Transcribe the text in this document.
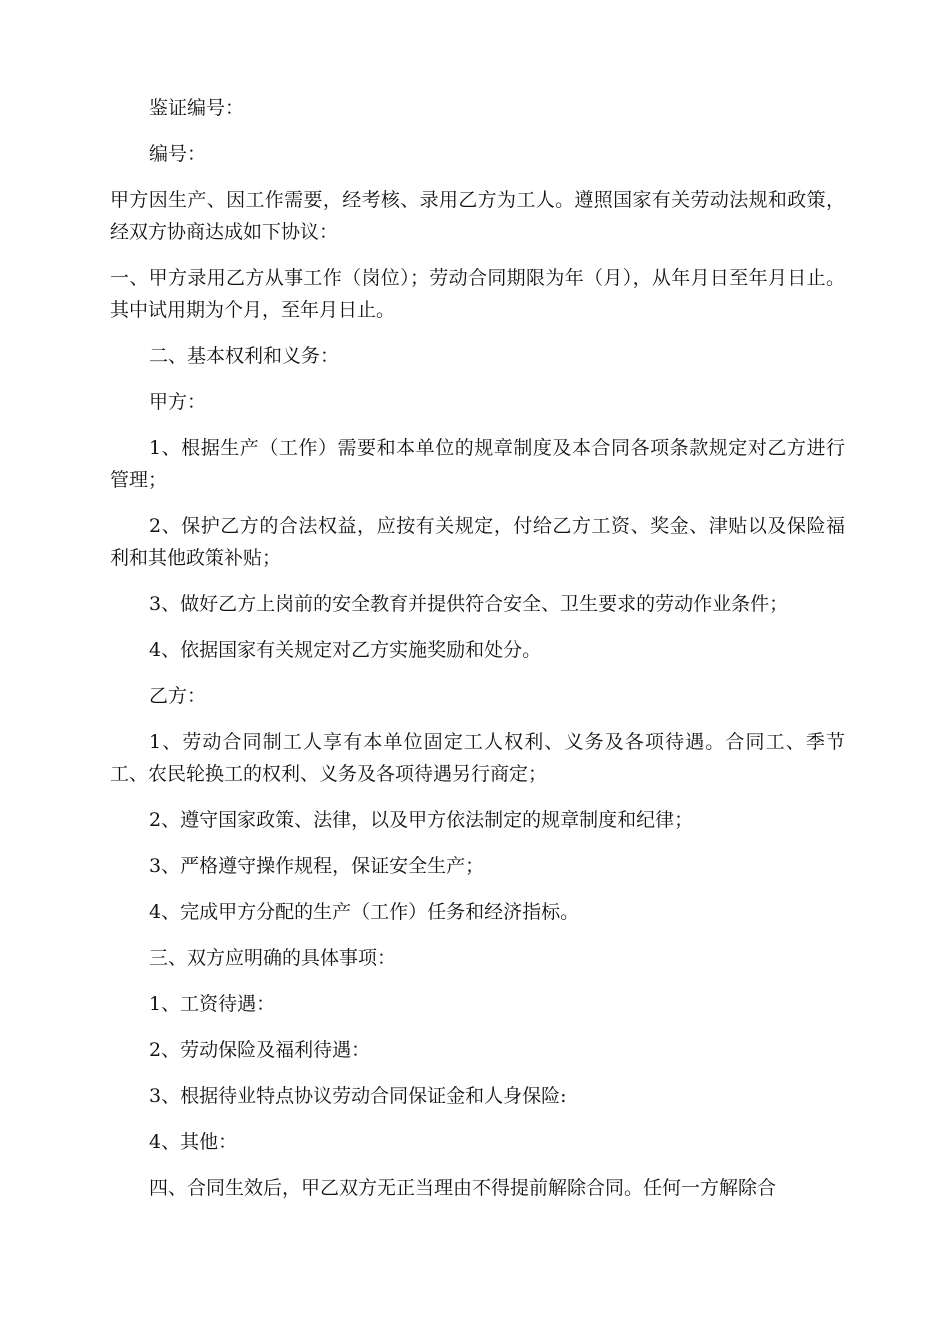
鉴证编号：

编号：

甲方因生产、因工作需要，经考核、录用乙方为工人。遵照国家有关劳动法规和政策，经双方协商达成如下协议：

一、甲方录用乙方从事工作（岗位）；劳动合同期限为年（月），从年月日至年月日止。其中试用期为个月，至年月日止。

二、基本权利和义务：

甲方：

1、根据生产（工作）需要和本单位的规章制度及本合同各项条款规定对乙方进行管理；

2、保护乙方的合法权益，应按有关规定，付给乙方工资、奖金、津贴以及保险福利和其他政策补贴；

3、做好乙方上岗前的安全教育并提供符合安全、卫生要求的劳动作业条件；

4、依据国家有关规定对乙方实施奖励和处分。

乙方：

1、劳动合同制工人享有本单位固定工人权利、义务及各项待遇。合同工、季节工、农民轮换工的权利、义务及各项待遇另行商定；

2、遵守国家政策、法律，以及甲方依法制定的规章制度和纪律；

3、严格遵守操作规程，保证安全生产；

4、完成甲方分配的生产（工作）任务和经济指标。

三、双方应明确的具体事项：

1、工资待遇：

2、劳动保险及福利待遇：

3、根据待业特点协议劳动合同保证金和人身保险:

4、其他：

四、合同生效后，甲乙双方无正当理由不得提前解除合同。任何一方解除合
